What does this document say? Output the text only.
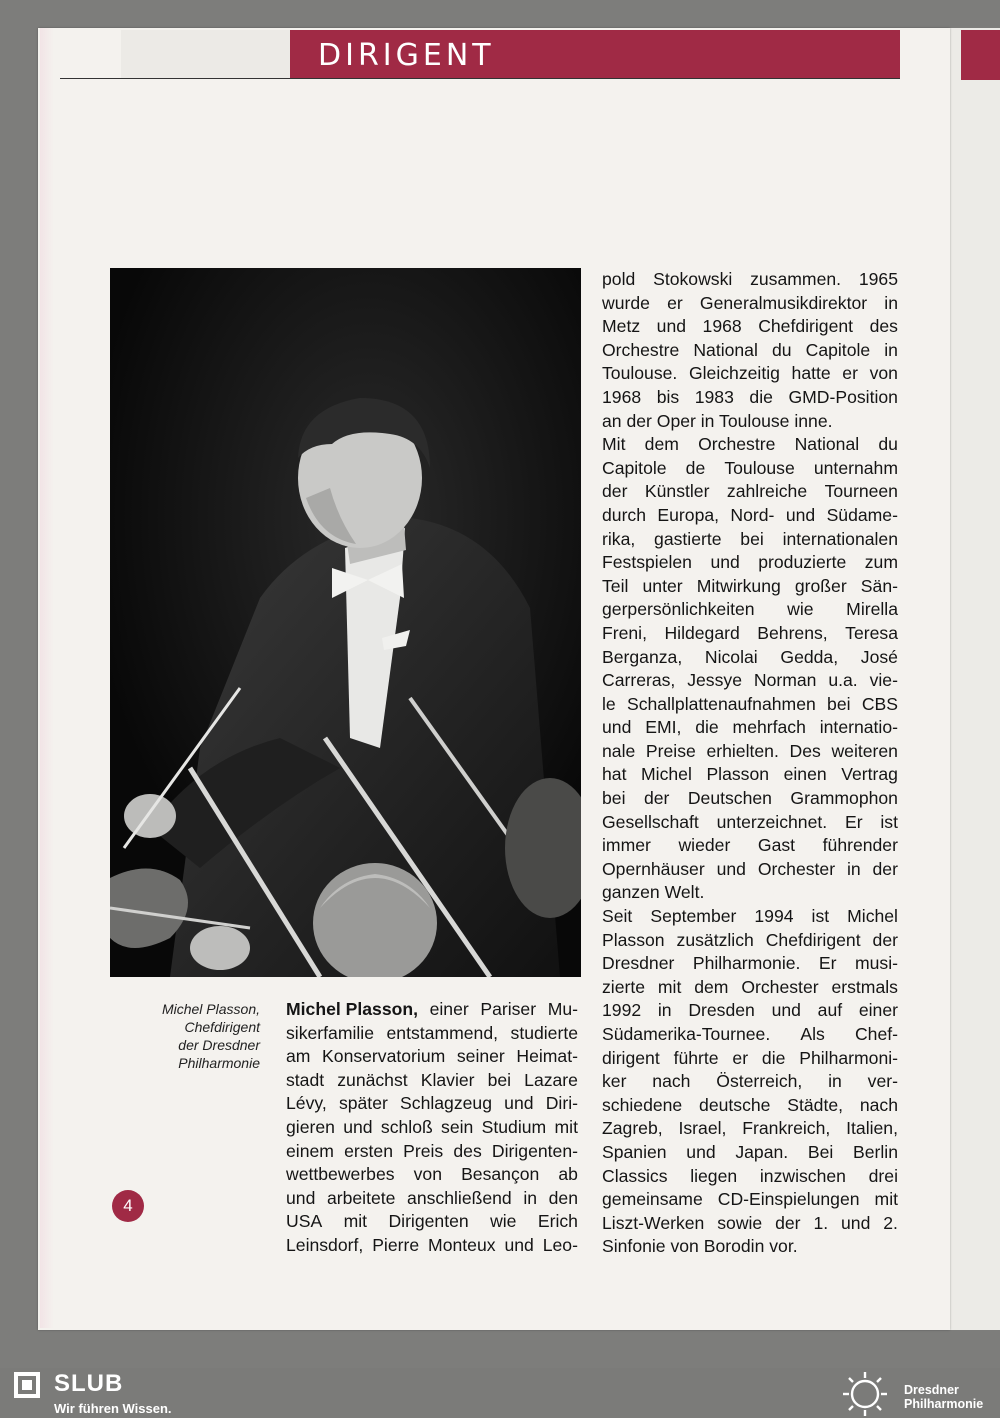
DIRIGENT
Michel Plasson,
Chefdirigent
der Dresdner
Philharmonie
Michel Plasson, einer Pariser Mu-
sikerfamilie entstammend, studierte
am Konservatorium seiner Heimat-
stadt zunächst Klavier bei Lazare
Lévy, später Schlagzeug und Diri-
gieren und schloß sein Studium mit
einem ersten Preis des Dirigenten-
wettbewerbes von Besançon ab
und arbeitete anschließend in den
USA mit Dirigenten wie Erich
Leinsdorf, Pierre Monteux und Leo-
pold Stokowski zusammen. 1965
wurde er Generalmusikdirektor in
Metz und 1968 Chefdirigent des
Orchestre National du Capitole in
Toulouse. Gleichzeitig hatte er von
1968 bis 1983 die GMD-Position
an der Oper in Toulouse inne.
Mit dem Orchestre National du
Capitole de Toulouse unternahm
der Künstler zahlreiche Tourneen
durch Europa, Nord- und Südame-
rika, gastierte bei internationalen
Festspielen und produzierte zum
Teil unter Mitwirkung großer Sän-
gerpersönlichkeiten wie Mirella
Freni, Hildegard Behrens, Teresa
Berganza, Nicolai Gedda, José
Carreras, Jessye Norman u.a. vie-
le Schallplattenaufnahmen bei CBS
und EMI, die mehrfach internatio-
nale Preise erhielten. Des weiteren
hat Michel Plasson einen Vertrag
bei der Deutschen Grammophon
Gesellschaft unterzeichnet. Er ist
immer wieder Gast führender
Opernhäuser und Orchester in der
ganzen Welt.
Seit September 1994 ist Michel
Plasson zusätzlich Chefdirigent der
Dresdner Philharmonie. Er musi-
zierte mit dem Orchester erstmals
1992 in Dresden und auf einer
Südamerika-Tournee. Als Chef-
dirigent führte er die Philharmoni-
ker nach Österreich, in ver-
schiedene deutsche Städte, nach
Zagreb, Israel, Frankreich, Italien,
Spanien und Japan. Bei Berlin
Classics liegen inzwischen drei
gemeinsame CD-Einspielungen mit
Liszt-Werken sowie der 1. und 2.
Sinfonie von Borodin vor.
4
SLUB
Wir führen Wissen.
Dresdner
Philharmonie
